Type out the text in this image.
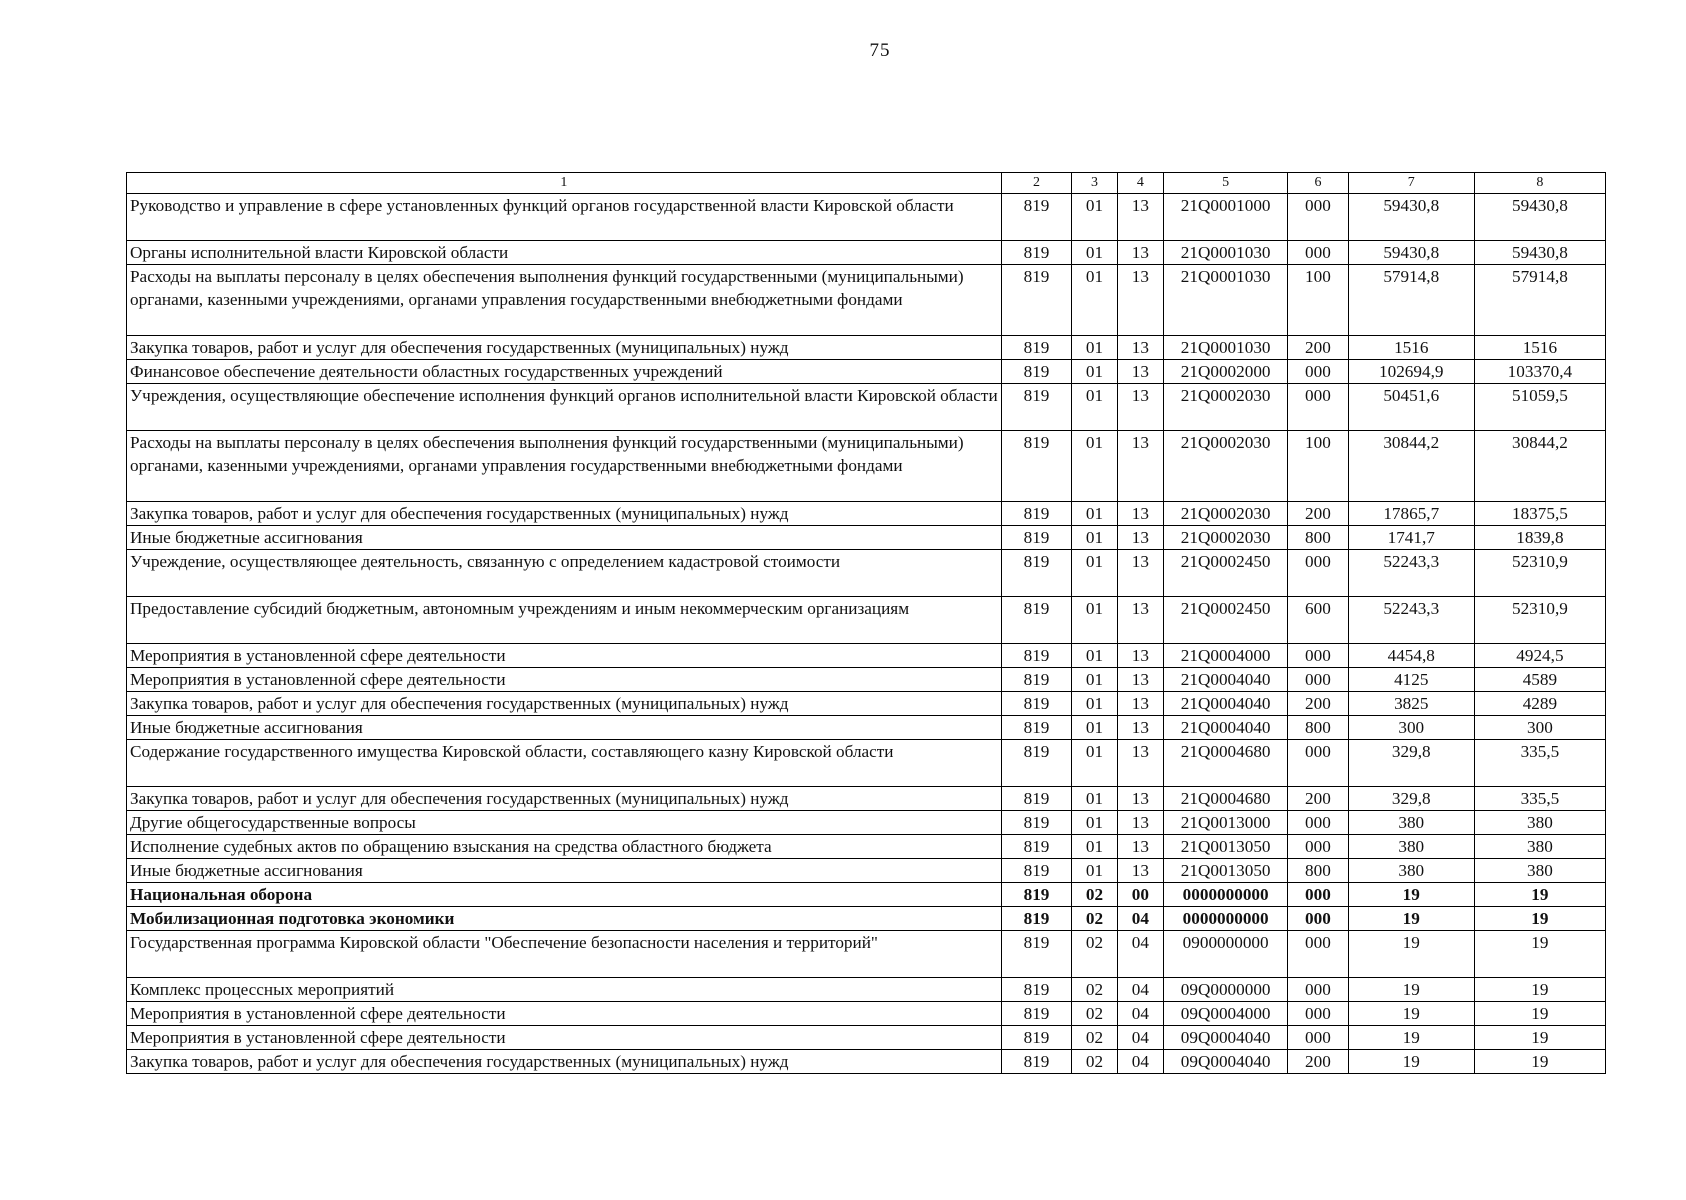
75
1	2	3	4	5	6	7	8
Руководство и управление в сфере установленных функций органов государственной власти Кировской области	819	01	13	21Q0001000	000	59430,8	59430,8
Органы исполнительной власти Кировской области	819	01	13	21Q0001030	000	59430,8	59430,8
Расходы на выплаты персоналу в целях обеспечения выполнения функций государственными (муниципальными) органами, казенными учреждениями, органами управления государственными внебюджетными фондами	819	01	13	21Q0001030	100	57914,8	57914,8
Закупка товаров, работ и услуг для обеспечения государственных (муниципальных) нужд	819	01	13	21Q0001030	200	1516	1516
Финансовое обеспечение деятельности областных государственных учреждений	819	01	13	21Q0002000	000	102694,9	103370,4
Учреждения, осуществляющие обеспечение исполнения функций органов исполнительной власти Кировской области	819	01	13	21Q0002030	000	50451,6	51059,5
Расходы на выплаты персоналу в целях обеспечения выполнения функций государственными (муниципальными) органами, казенными учреждениями, органами управления государственными внебюджетными фондами	819	01	13	21Q0002030	100	30844,2	30844,2
Закупка товаров, работ и услуг для обеспечения государственных (муниципальных) нужд	819	01	13	21Q0002030	200	17865,7	18375,5
Иные бюджетные ассигнования	819	01	13	21Q0002030	800	1741,7	1839,8
Учреждение, осуществляющее деятельность, связанную с определением кадастровой стоимости	819	01	13	21Q0002450	000	52243,3	52310,9
Предоставление субсидий бюджетным, автономным учреждениям и иным некоммерческим организациям	819	01	13	21Q0002450	600	52243,3	52310,9
Мероприятия в установленной сфере деятельности	819	01	13	21Q0004000	000	4454,8	4924,5
Мероприятия в установленной сфере деятельности	819	01	13	21Q0004040	000	4125	4589
Закупка товаров, работ и услуг для обеспечения государственных (муниципальных) нужд	819	01	13	21Q0004040	200	3825	4289
Иные бюджетные ассигнования	819	01	13	21Q0004040	800	300	300
Содержание государственного имущества Кировской области, составляющего казну Кировской области	819	01	13	21Q0004680	000	329,8	335,5
Закупка товаров, работ и услуг для обеспечения государственных (муниципальных) нужд	819	01	13	21Q0004680	200	329,8	335,5
Другие общегосударственные вопросы	819	01	13	21Q0013000	000	380	380
Исполнение судебных актов по обращению взыскания на средства областного бюджета	819	01	13	21Q0013050	000	380	380
Иные бюджетные ассигнования	819	01	13	21Q0013050	800	380	380
Национальная оборона	819	02	00	0000000000	000	19	19
Мобилизационная подготовка экономики	819	02	04	0000000000	000	19	19
Государственная программа Кировской области "Обеспечение безопасности населения и территорий"	819	02	04	0900000000	000	19	19
Комплекс процессных мероприятий	819	02	04	09Q0000000	000	19	19
Мероприятия в установленной сфере деятельности	819	02	04	09Q0004000	000	19	19
Мероприятия в установленной сфере деятельности	819	02	04	09Q0004040	000	19	19
Закупка товаров, работ и услуг для обеспечения государственных (муниципальных) нужд	819	02	04	09Q0004040	200	19	19
